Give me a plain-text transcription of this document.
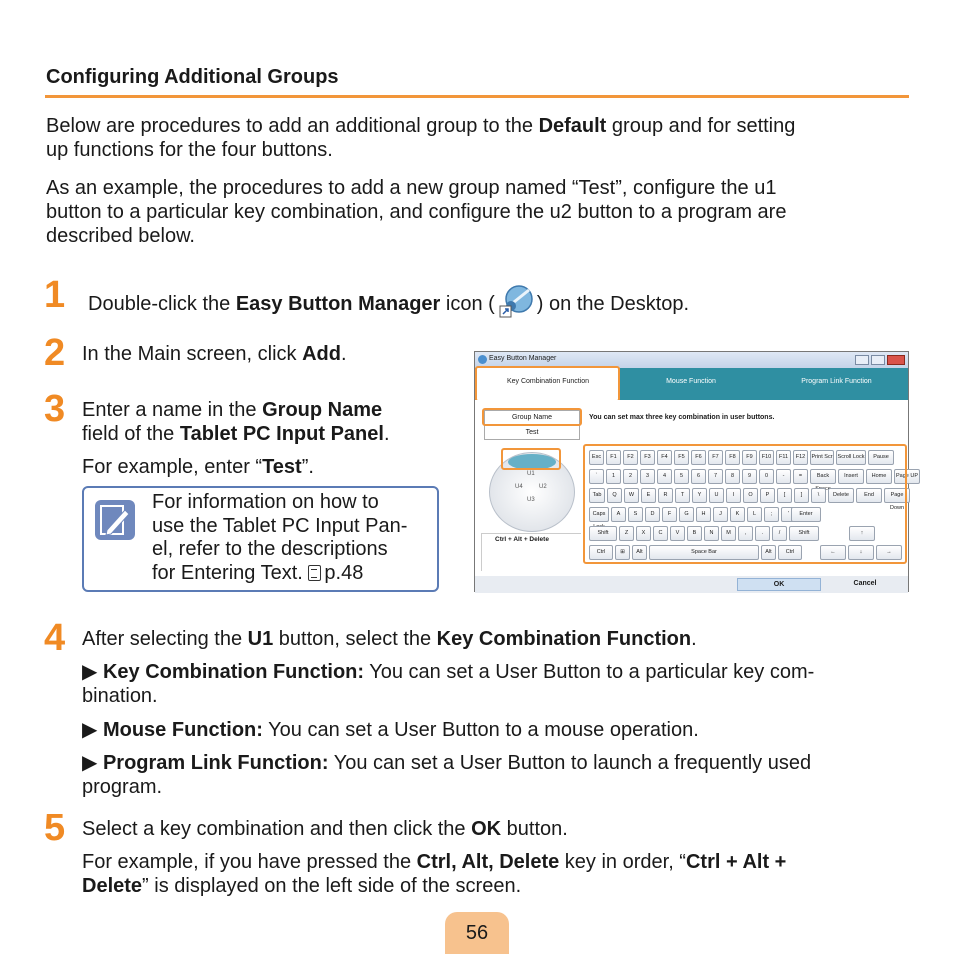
Configuring Additional Groups
Below are procedures to add an additional group to the Default group and for setting
up functions for the four buttons.
As an example, the procedures to add a new group named “Test”, configure the u1
button to a particular key combination, and configure the u2 button to a program are
described below.
1 Double-click the Easy Button Manager icon ( ) on the Desktop.
2 In the Main screen, click Add.
3 Enter a name in the Group Name
field of the Tablet PC Input Panel.
For example, enter “Test”.
For information on how to
use the Tablet PC Input Pan-
el, refer to the descriptions
for Entering Text. p.48
Easy Button Manager
Key Combination Function	Mouse Function	Program Link Function
Group Name
Test
You can set max three key combination in user buttons.
U1
U4	U2
U3
Ctrl + Alt + Delete
Esc	F1	F2	F3	F4	F5	F6	F7	F8	F9	F10	F11	F12	Print Scr Scroll Lock	Pause
`	1	2	3	4	5	6	7	8	9	0	-	=	Back	Insert	Home	Page UP
Tab	Q	W	E	R	T	Y	U	I	O	P	[	]	\	Delete	End	Page Down
Caps	A	S	D	F	G	H	J	K	L	;	'	Enter
Shift	Z	X	C	V	B	N	M	,	.	/	Shift	↑
Ctrl	⊞	Alt	Space Bar	Alt	Ctrl	←	↓	→
OK	Cancel
4 After selecting the U1 button, select the Key Combination Function.
▶ Key Combination Function: You can set a User Button to a particular key com-
bination.
▶ Mouse Function: You can set a User Button to a mouse operation.
▶ Program Link Function: You can set a User Button to launch a frequently used
program.
5 Select a key combination and then click the OK button.
For example, if you have pressed the Ctrl, Alt, Delete key in order, “Ctrl + Alt +
Delete” is displayed on the left side of the screen.
56
